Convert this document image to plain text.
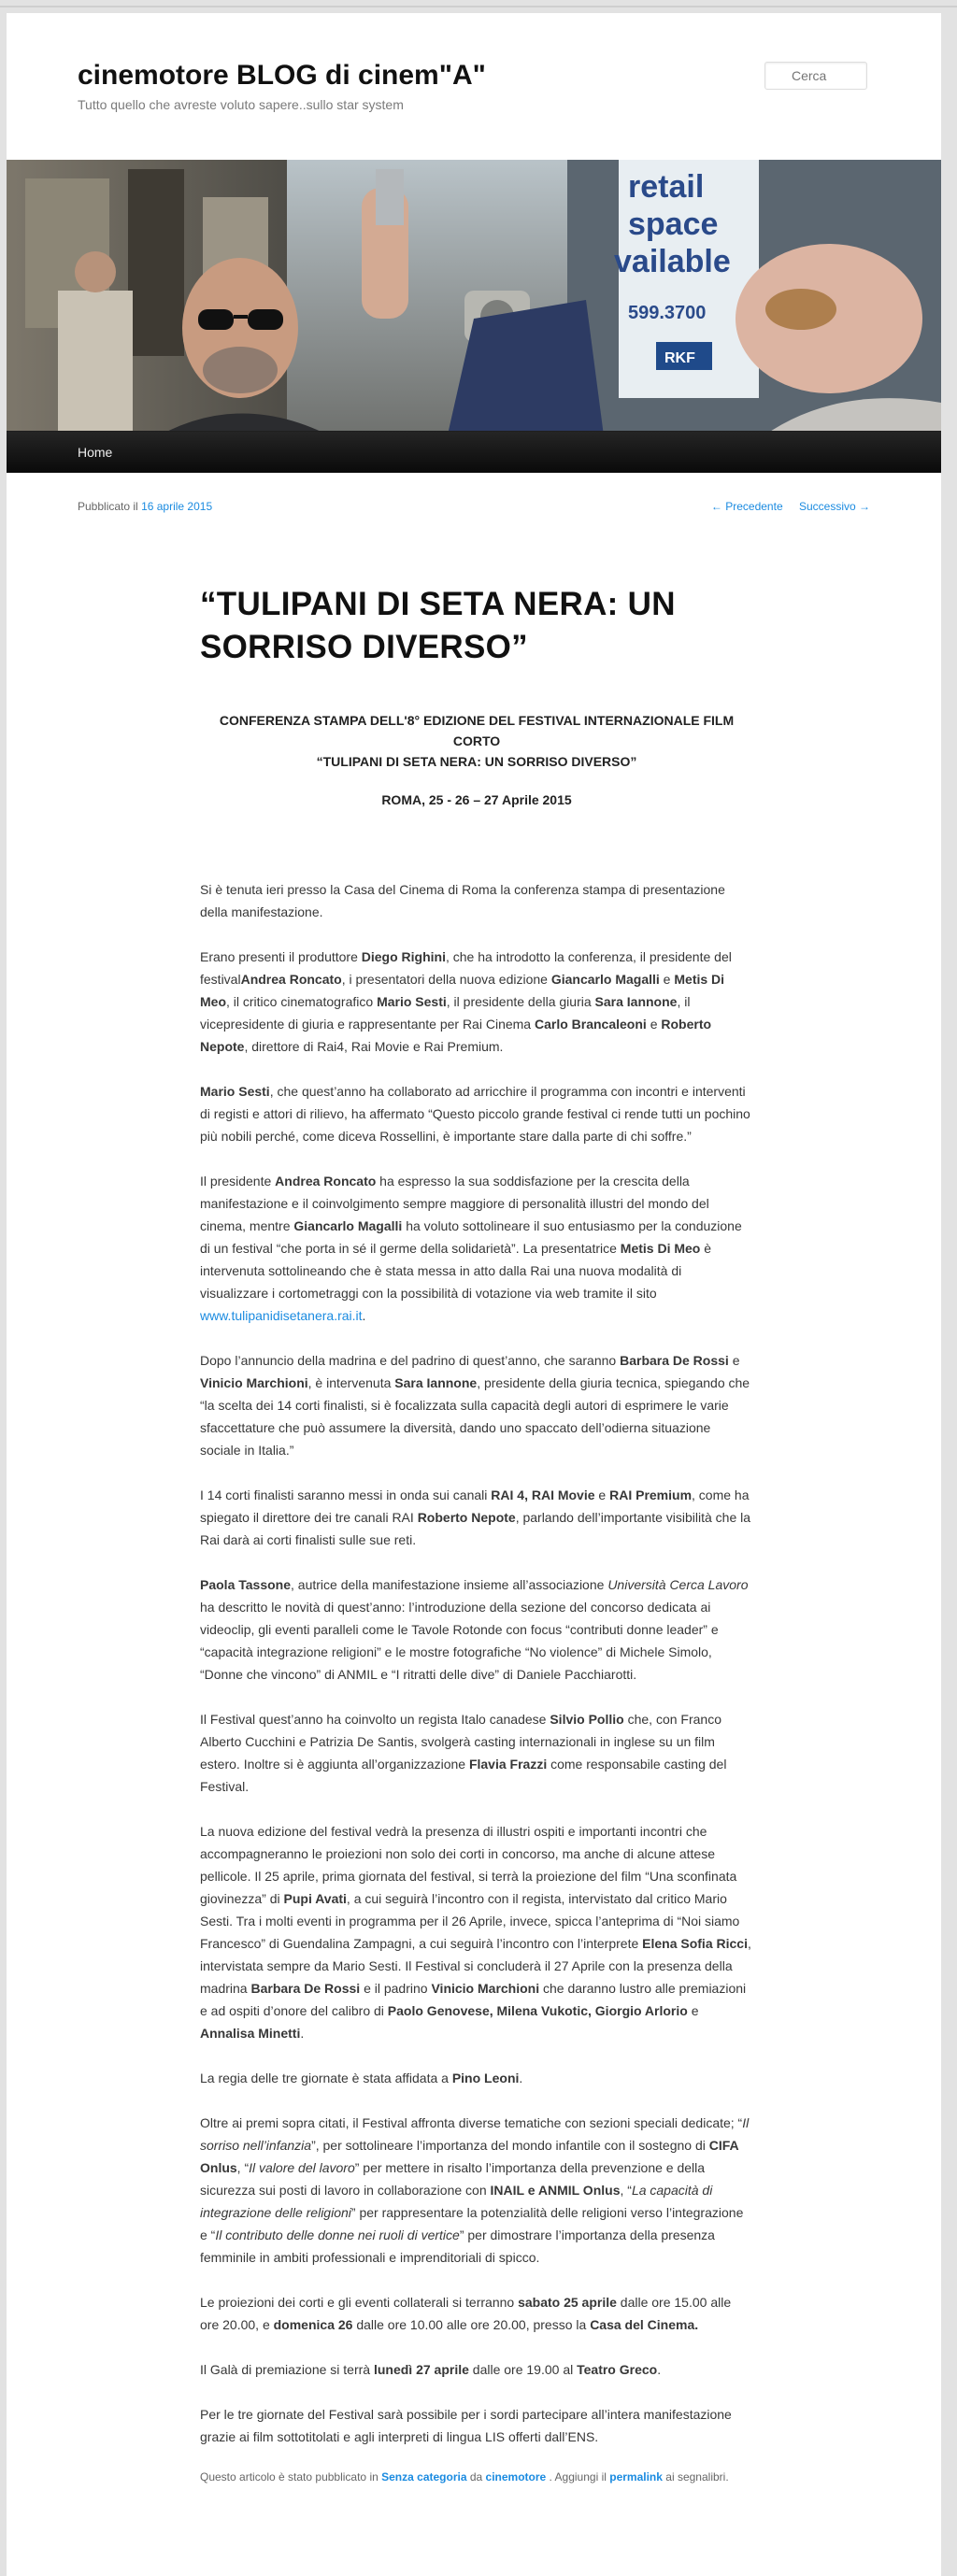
cinemotore BLOG di cinem"A"

Tutto quello che avreste voluto sapere..sullo star system

Cerca
retail
space
vailable
599.3700
RKF
Home
Pubblicato il 16 aprile 2015	← Precedente Successivo →
“TULIPANI DI SETA NERA: UN SORRISO DIVERSO”

CONFERENZA STAMPA DELL'8° EDIZIONE DEL FESTIVAL INTERNAZIONALE FILM CORTO

“TULIPANI DI SETA NERA: UN SORRISO DIVERSO”

ROMA, 25 - 26 – 27 Aprile 2015

Si è tenuta ieri presso la Casa del Cinema di Roma la conferenza stampa di presentazione della manifestazione.

Erano presenti il produttore Diego Righini, che ha introdotto la conferenza, il presidente del festivalAndrea Roncato, i presentatori della nuova edizione Giancarlo Magalli e Metis Di Meo, il critico cinematografico Mario Sesti, il presidente della giuria Sara Iannone, il vicepresidente di giuria e rappresentante per Rai Cinema Carlo Brancaleoni e Roberto Nepote, direttore di Rai4, Rai Movie e Rai Premium.

Mario Sesti, che quest’anno ha collaborato ad arricchire il programma con incontri e interventi di registi e attori di rilievo, ha affermato “Questo piccolo grande festival ci rende tutti un pochino più nobili perché, come diceva Rossellini, è importante stare dalla parte di chi soffre.”

Il presidente Andrea Roncato ha espresso la sua soddisfazione per la crescita della manifestazione e il coinvolgimento sempre maggiore di personalità illustri del mondo del cinema, mentre Giancarlo Magalli ha voluto sottolineare il suo entusiasmo per la conduzione di un festival “che porta in sé il germe della solidarietà”. La presentatrice Metis Di Meo è intervenuta sottolineando che è stata messa in atto dalla Rai una nuova modalità di visualizzare i cortometraggi con la possibilità di votazione via web tramite il sito www.tulipanidisetanera.rai.it.

Dopo l’annuncio della madrina e del padrino di quest’anno, che saranno Barbara De Rossi e Vinicio Marchioni, è intervenuta Sara Iannone, presidente della giuria tecnica, spiegando che “la scelta dei 14 corti finalisti, si è focalizzata sulla capacità degli autori di esprimere le varie sfaccettature che può assumere la diversità, dando uno spaccato dell’odierna situazione sociale in Italia.”

I 14 corti finalisti saranno messi in onda sui canali RAI 4, RAI Movie e RAI Premium, come ha spiegato il direttore dei tre canali RAI Roberto Nepote, parlando dell’importante visibilità che la Rai darà ai corti finalisti sulle sue reti.

Paola Tassone, autrice della manifestazione insieme all’associazione Università Cerca Lavoro ha descritto le novità di quest’anno: l’introduzione della sezione del concorso dedicata ai videoclip, gli eventi paralleli come le Tavole Rotonde con focus “contributi donne leader” e “capacità integrazione religioni” e le mostre fotografiche “No violence” di Michele Simolo, “Donne che vincono” di ANMIL e “I ritratti delle dive” di Daniele Pacchiarotti.

Il Festival quest’anno ha coinvolto un regista Italo canadese Silvio Pollio che, con Franco Alberto Cucchini e Patrizia De Santis, svolgerà casting internazionali in inglese su un film estero. Inoltre si è aggiunta all’organizzazione Flavia Frazzi come responsabile casting del Festival.

La nuova edizione del festival vedrà la presenza di illustri ospiti e importanti incontri che accompagneranno le proiezioni non solo dei corti in concorso, ma anche di alcune attese pellicole. Il 25 aprile, prima giornata del festival, si terrà la proiezione del film “Una sconfinata giovinezza” di Pupi Avati, a cui seguirà l’incontro con il regista, intervistato dal critico Mario Sesti. Tra i molti eventi in programma per il 26 Aprile, invece, spicca l’anteprima di “Noi siamo Francesco” di Guendalina Zampagni, a cui seguirà l’incontro con l’interprete Elena Sofia Ricci, intervistata sempre da Mario Sesti. Il Festival si concluderà il 27 Aprile con la presenza della madrina Barbara De Rossi e il padrino Vinicio Marchioni che daranno lustro alle premiazioni e ad ospiti d’onore del calibro di Paolo Genovese, Milena Vukotic, Giorgio Arlorio e Annalisa Minetti.

La regia delle tre giornate è stata affidata a Pino Leoni.

Oltre ai premi sopra citati, il Festival affronta diverse tematiche con sezioni speciali dedicate; “Il sorriso nell’infanzia”, per sottolineare l’importanza del mondo infantile con il sostegno di CIFA Onlus, “Il valore del lavoro” per mettere in risalto l’importanza della prevenzione e della sicurezza sui posti di lavoro in collaborazione con INAIL e ANMIL Onlus, “La capacità di integrazione delle religioni” per rappresentare la potenzialità delle religioni verso l’integrazione e “Il contributo delle donne nei ruoli di vertice” per dimostrare l’importanza della presenza femminile in ambiti professionali e imprenditoriali di spicco.

Le proiezioni dei corti e gli eventi collaterali si terranno sabato 25 aprile dalle ore 15.00 alle ore 20.00, e domenica 26 dalle ore 10.00 alle ore 20.00, presso la Casa del Cinema.

Il Galà di premiazione si terrà lunedì 27 aprile dalle ore 19.00 al Teatro Greco.

Per le tre giornate del Festival sarà possibile per i sordi partecipare all’intera manifestazione grazie ai film sottotitolati e agli interpreti di lingua LIS offerti dall’ENS.

Questo articolo è stato pubblicato in Senza categoria da cinemotore . Aggiungi il permalink ai segnalibri.
